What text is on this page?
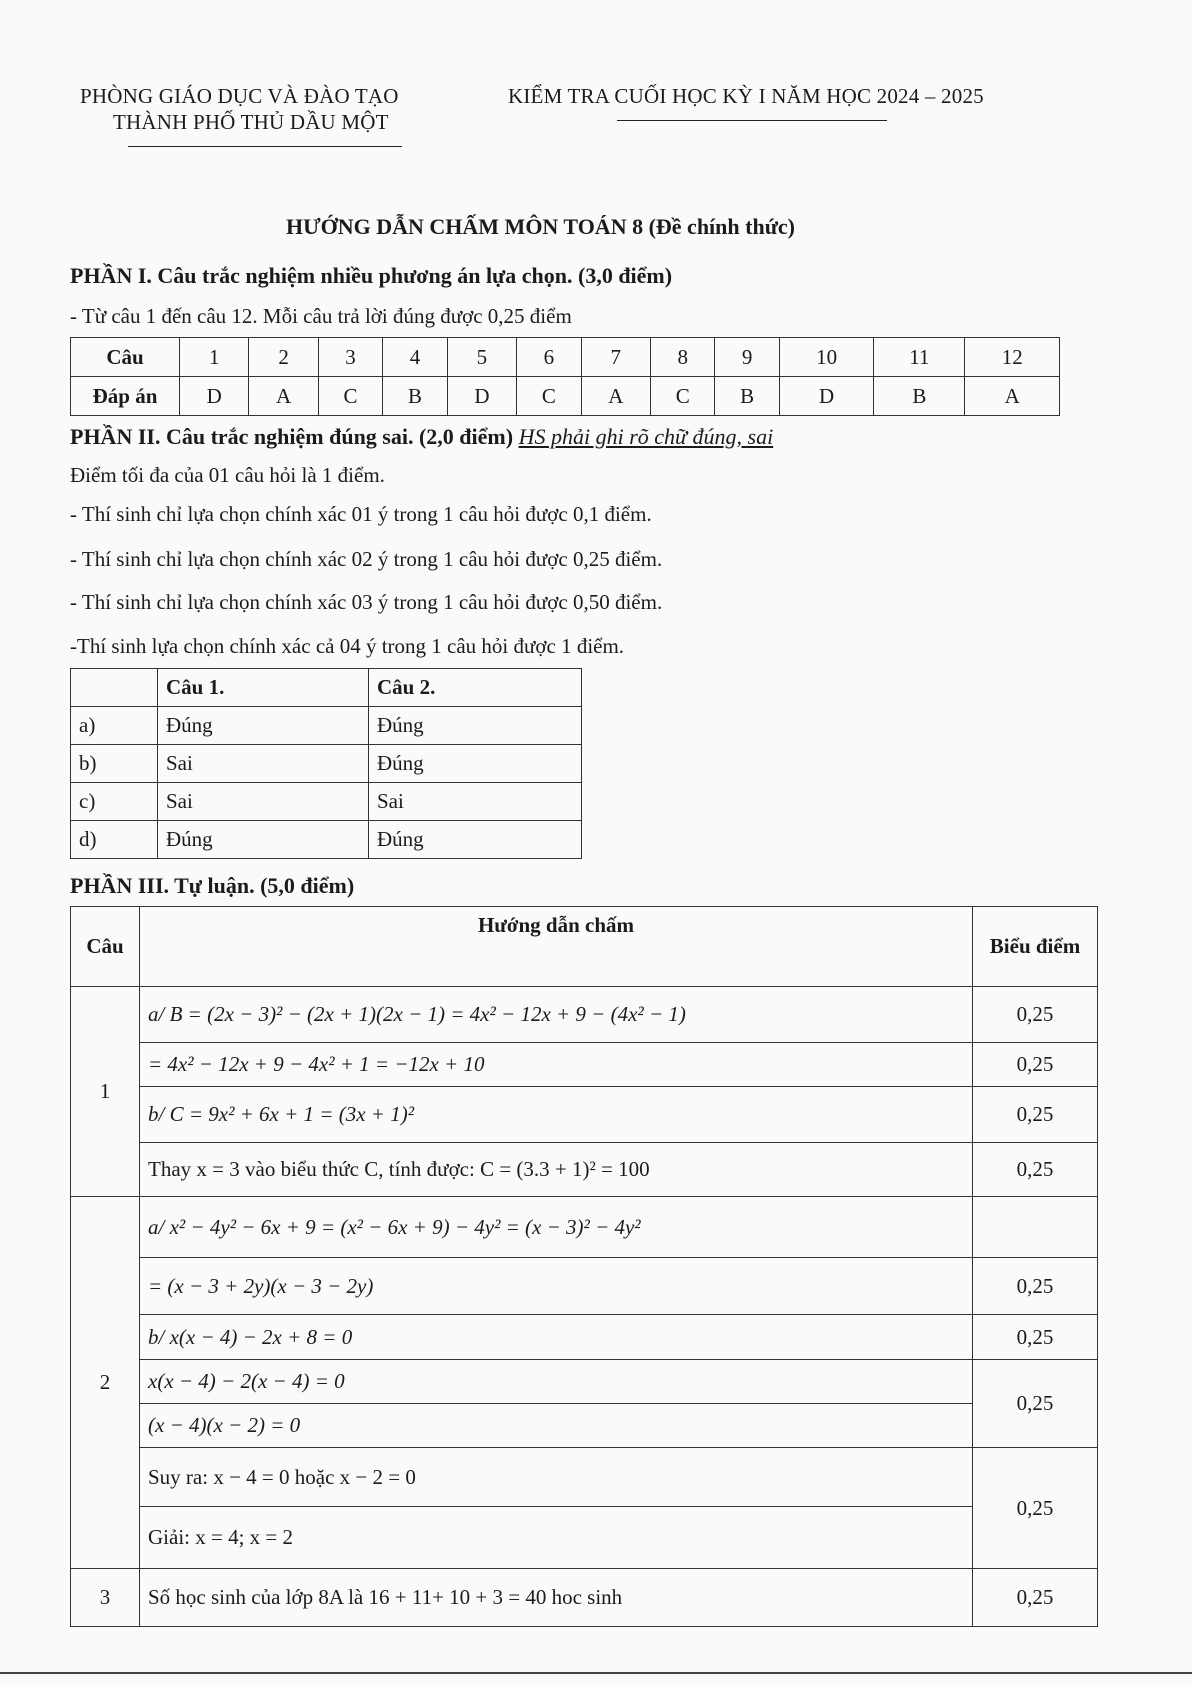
PHÒNG GIÁO DỤC VÀ ĐÀO TẠO
THÀNH PHỐ THỦ DẦU MỘT
KIỂM TRA CUỐI HỌC KỲ I NĂM HỌC 2024 – 2025
HƯỚNG DẪN CHẤM MÔN TOÁN 8 (Đề chính thức)
PHẦN I. Câu trắc nghiệm nhiều phương án lựa chọn. (3,0 điểm)
- Từ câu 1 đến câu 12. Mỗi câu trả lời đúng được 0,25 điểm
Câu	1	2	3	4	5	6	7	8	9	10	11	12
Đáp án	D	A	C	B	D	C	A	C	B	D	B	A
PHẦN II. Câu trắc nghiệm đúng sai. (2,0 điểm) HS phải ghi rõ chữ đúng, sai
Điểm tối đa của 01 câu hỏi là 1 điểm.
- Thí sinh chỉ lựa chọn chính xác 01 ý trong 1 câu hỏi được 0,1 điểm.
- Thí sinh chỉ lựa chọn chính xác 02 ý trong 1 câu hỏi được 0,25 điểm.
- Thí sinh chỉ lựa chọn chính xác 03 ý trong 1 câu hỏi được 0,50 điểm.
-Thí sinh lựa chọn chính xác cả 04 ý trong 1 câu hỏi được 1 điểm.
	Câu 1.	Câu 2.
a)	Đúng	Đúng
b)	Sai	Đúng
c)	Sai	Sai
d)	Đúng	Đúng
PHẦN III. Tự luận. (5,0 điểm)
Câu	Hướng dẫn chấm	Biểu điểm
1	a/ B = (2x − 3)² − (2x + 1)(2x − 1) = 4x² − 12x + 9 − (4x² − 1)	0,25
	= 4x² − 12x + 9 − 4x² + 1 = −12x + 10	0,25
	b/ C = 9x² + 6x + 1 = (3x + 1)²	0,25
	Thay x = 3 vào biểu thức C, tính được: C = (3.3 + 1)² = 100	0,25
2	a/ x² − 4y² − 6x + 9 = (x² − 6x + 9) − 4y² = (x − 3)² − 4y²	
	= (x − 3 + 2y)(x − 3 − 2y)	0,25
	b/ x(x − 4) − 2x + 8 = 0	0,25
	x(x − 4) − 2(x − 4) = 0	0,25
	(x − 4)(x − 2) = 0	
	Suy ra: x − 4 = 0 hoặc x − 2 = 0	0,25
	Giải: x = 4; x = 2	
3	Số học sinh của lớp 8A là 16 + 11+ 10 + 3 = 40 hoc sinh	0,25
